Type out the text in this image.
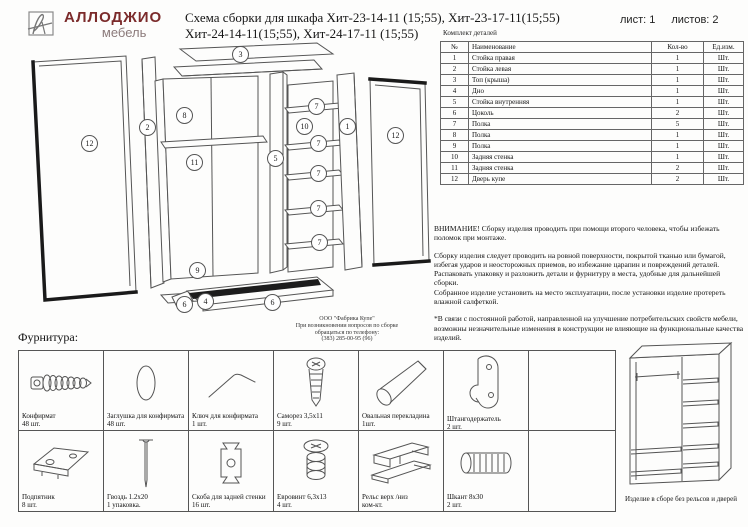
АЛЛОДЖИО
мебель
Схема сборки для шкафа Хит-23-14-11 (15;55), Хит-23-17-11(15;55)
Хит-24-14-11(15;55), Хит-24-17-11 (15;55)
лист: 1 листов: 2
Комплект деталей
№	Наименование	Кол-во	Ед.изм.
1	Стойка правая	1	Шт.
2	Стойка левая	1	Шт.
3	Топ (крыша)	1	Шт.
4	Дно	1	Шт.
5	Стойка внутренняя	1	Шт.
6	Цоколь	2	Шт.
7	Полка	5	Шт.
8	Полка	1	Шт.
9	Полка	1	Шт.
10	Задняя стенка	1	Шт.
11	Задняя стенка	2	Шт.
12	Дверь купе	2	Шт.
3
2
8
12
11	5
10
7
7
7
7
7
1
12
9
6	4	6
ООО "Фабрика Купе"
При возникновении вопросов по сборке
обращаться по телефону:
(383) 285-00-95 (96)

ВНИМАНИЕ! Сборку изделия проводить при помощи второго человека, чтобы избежать поломок при монтаже.

Сборку изделия следует проводить на ровной поверхности, покрытой тканью или бумагой, избегая ударов и неосторожных приемов, во избежание царапин и повреждений деталей.

Распаковать упаковку и разложить детали и фурнитуру в места, удобные для дальнейшей сборки.

Собранное изделие установить на место эксплуатации, после установки изделие протереть влажной салфеткой.

*В связи с постоянной работой, направленной на улучшение потребительских свойств мебели, возможны незначительные изменения в конструкции не влияющие на функциональные качества изделий.

Фурнитура:
Конфирмат
48 шт.
Заглушка для конфирмата
48 шт.
Ключ для конфирмата
1 шт.
Саморез 3,5х11
9 шт.
Овальная перекладина
1шт.
Штангодержатель
2 шт.
Подпятник
8 шт.
Гвоздь 1.2х20
1 упаковка.
Скоба для задней стенки
16 шт.
Евровинт 6,3х13
4 шт.
Рельс верх /низ
ком-кт.
Шкант 8х30
2 шт.
Изделие в сборе без рельсов и дверей
